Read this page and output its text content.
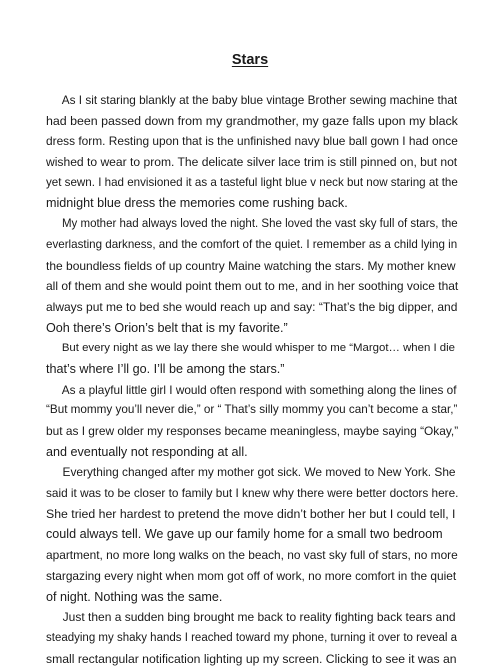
Stars
As I sit staring blankly at the baby blue vintage Brother sewing machine that
had been passed down from my grandmother, my gaze falls upon my black
dress form. Resting upon that is the unfinished navy blue ball gown I had once
wished to wear to prom. The delicate silver lace trim is still pinned on, but not
yet sewn. I had envisioned it as a tasteful light blue v neck but now staring at the
midnight blue dress the memories come rushing back.
My mother had always loved the night. She loved the vast sky full of stars, the
everlasting darkness, and the comfort of the quiet. I remember as a child lying in
the boundless fields of up country Maine watching the stars. My mother knew
all of them and she would point them out to me, and in her soothing voice that
always put me to bed she would reach up and say: “That’s the big dipper, and
Ooh there’s Orion’s belt that is my favorite.”
But every night as we lay there she would whisper to me “Margot… when I die
that’s where I’ll go. I’ll be among the stars.”
As a playful little girl I would often respond with something along the lines of
“But mommy you’ll never die,” or “ That’s silly mommy you can’t become a star,”
but as I grew older my responses became meaningless, maybe saying “Okay,”
and eventually not responding at all.
Everything changed after my mother got sick. We moved to New York. She
said it was to be closer to family but I knew why there were better doctors here.
She tried her hardest to pretend the move didn’t bother her but I could tell, I
could always tell. We gave up our family home for a small two bedroom
apartment, no more long walks on the beach, no vast sky full of stars, no more
stargazing every night when mom got off of work, no more comfort in the quiet
of night. Nothing was the same.
Just then a sudden bing brought me back to reality fighting back tears and
steadying my shaky hands I reached toward my phone, turning it over to reveal a
small rectangular notification lighting up my screen. Clicking to see it was an
